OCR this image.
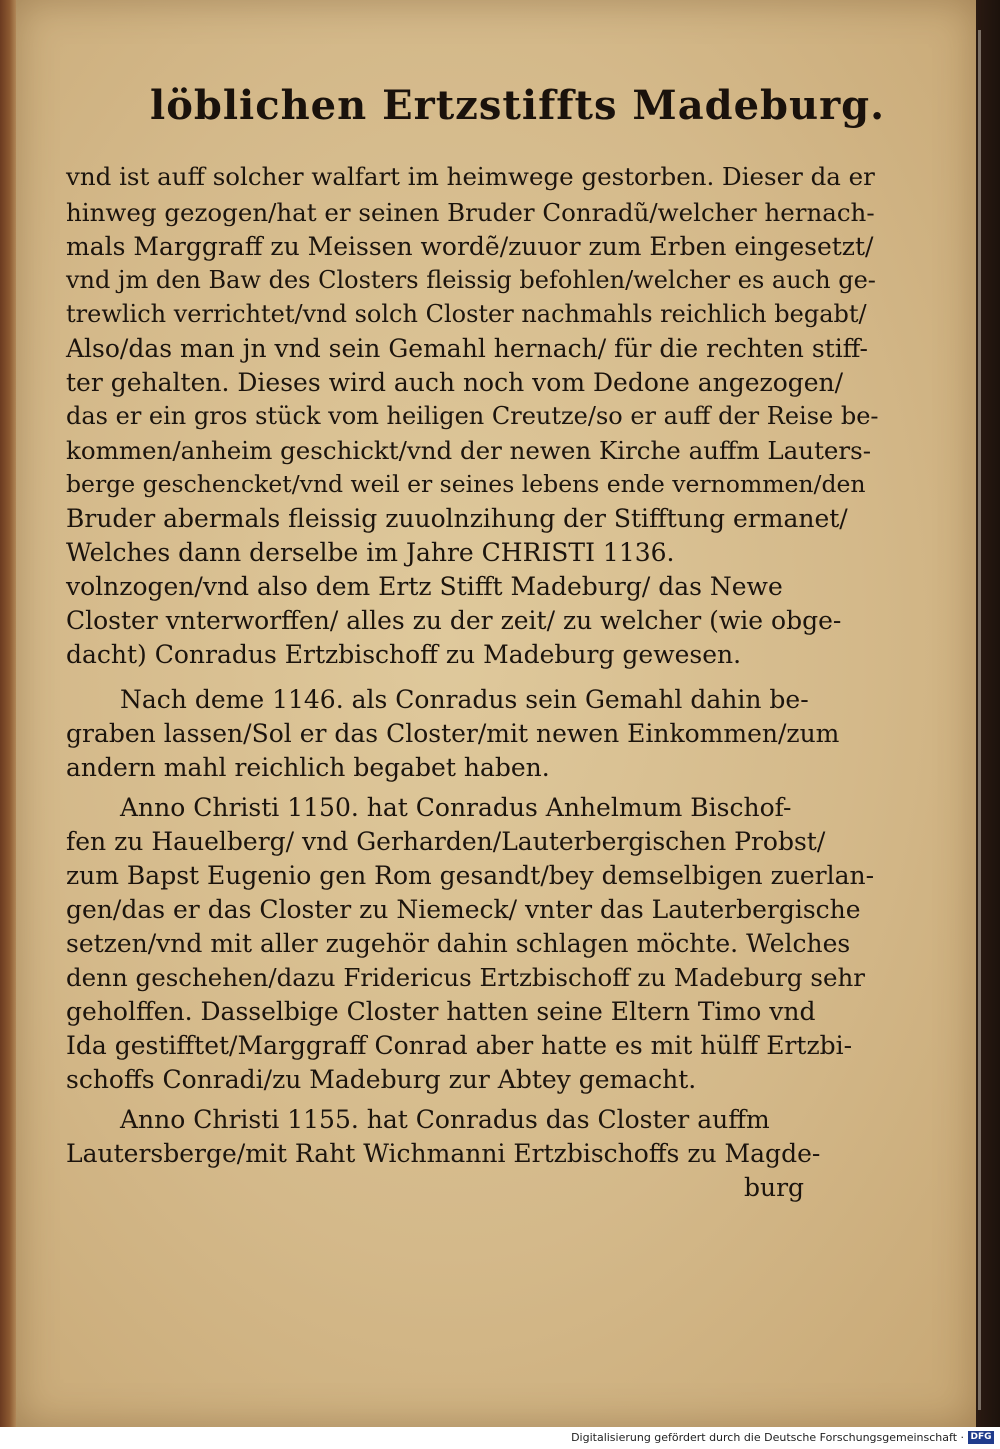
löblichen Ertzstiffts Madeburg.
vnd ist auff solcher walfart im heimwege gestorben. Dieser da er
hinweg gezogen/hat er seinen Bruder Conradũ/welcher hernach-
mals Marggraff zu Meissen wordẽ/zuuor zum Erben eingesetzt/
vnd jm den Baw des Closters fleissig befohlen/welcher es auch ge-
trewlich verrichtet/vnd solch Closter nachmahls reichlich begabt/
Also/das man jn vnd sein Gemahl hernach/ für die rechten stiff-
ter gehalten. Dieses wird auch noch vom Dedone angezogen/
das er ein gros stück vom heiligen Creutze/so er auff der Reise be-
kommen/anheim geschickt/vnd der newen Kirche auffm Lauters-
berge geschencket/vnd weil er seines lebens ende vernommen/den
Bruder abermals fleissig zuuolnzihung der Stifftung ermanet/
Welches dann derselbe im Jahre CHRISTI 1136.
volnzogen/vnd also dem Ertz Stifft Madeburg/ das Newe
Closter vnterworffen/ alles zu der zeit/ zu welcher (wie obge-
dacht) Conradus Ertzbischoff zu Madeburg gewesen.
Nach deme 1146. als Conradus sein Gemahl dahin be-
graben lassen/Sol er das Closter/mit newen Einkommen/zum
andern mahl reichlich begabet haben.
Anno Christi 1150. hat Conradus Anhelmum Bischof-
fen zu Hauelberg/ vnd Gerharden/Lauterbergischen Probst/
zum Bapst Eugenio gen Rom gesandt/bey demselbigen zuerlan-
gen/das er das Closter zu Niemeck/ vnter das Lauterbergische
setzen/vnd mit aller zugehör dahin schlagen möchte. Welches
denn geschehen/dazu Fridericus Ertzbischoff zu Madeburg sehr
geholffen. Dasselbige Closter hatten seine Eltern Timo vnd
Ida gestifftet/Marggraff Conrad aber hatte es mit hülff Ertzbi-
schoffs Conradi/zu Madeburg zur Abtey gemacht.
Anno Christi 1155. hat Conradus das Closter auffm
Lautersberge/mit Raht Wichmanni Ertzbischoffs zu Magde-
burg
Digitalisierung gefördert durch die Deutsche Forschungsgemeinschaft · DFG
